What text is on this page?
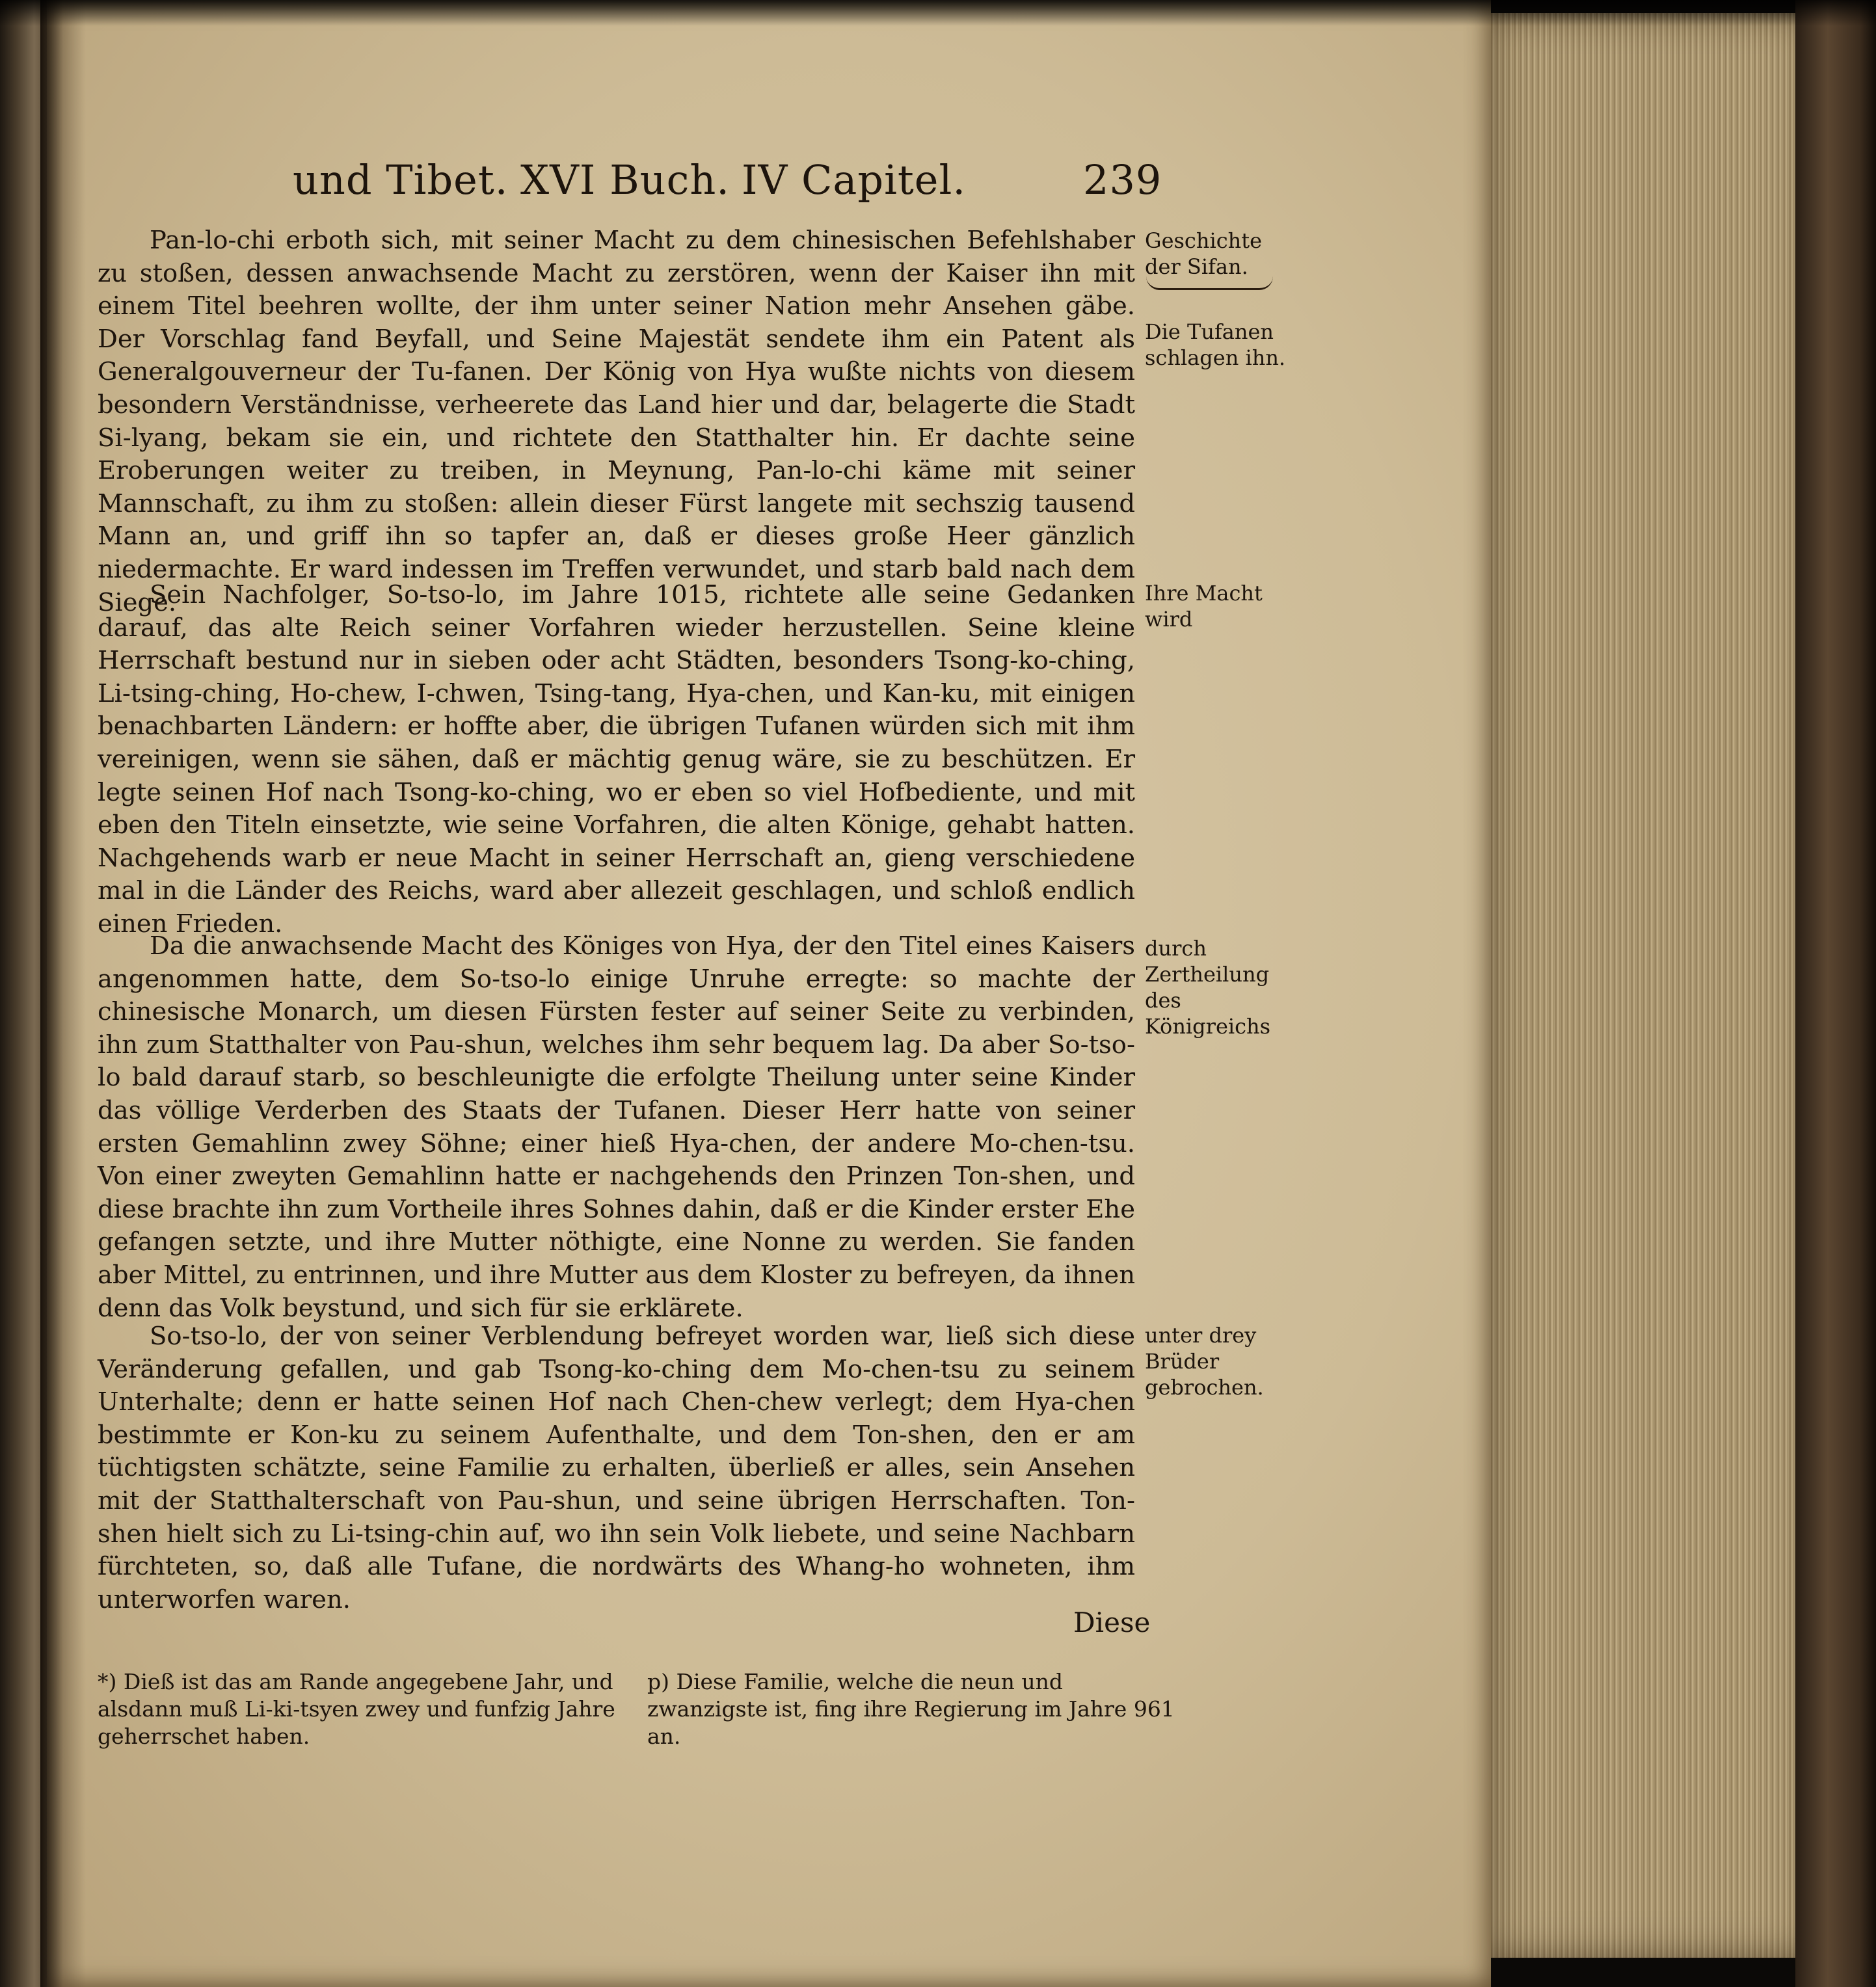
und Tibet. XVI Buch. IV Capitel.	239

Pan-lo-chi erboth sich, mit seiner Macht zu dem chinesischen Befehlshaber zu stoßen, dessen anwachsende Macht zu zerstören, wenn der Kaiser ihn mit einem Titel beehren wollte, der ihm unter seiner Nation mehr Ansehen gäbe. Der Vorschlag fand Beyfall, und Seine Majestät sendete ihm ein Patent als Generalgouverneur der Tu-fanen. Der König von Hya wußte nichts von diesem besondern Verständnisse, verheerete das Land hier und dar, belagerte die Stadt Si-lyang, bekam sie ein, und richtete den Statthalter hin. Er dachte seine Eroberungen weiter zu treiben, in Meynung, Pan-lo-chi käme mit seiner Mannschaft, zu ihm zu stoßen: allein dieser Fürst langete mit sechszig tausend Mann an, und griff ihn so tapfer an, daß er dieses große Heer gänzlich niedermachte. Er ward indessen im Treffen verwundet, und starb bald nach dem Siege.

Sein Nachfolger, So-tso-lo, im Jahre 1015, richtete alle seine Gedanken darauf, das alte Reich seiner Vorfahren wieder herzustellen. Seine kleine Herrschaft bestund nur in sieben oder acht Städten, besonders Tsong-ko-ching, Li-tsing-ching, Ho-chew, I-chwen, Tsing-tang, Hya-chen, und Kan-ku, mit einigen benachbarten Ländern: er hoffte aber, die übrigen Tufanen würden sich mit ihm vereinigen, wenn sie sähen, daß er mächtig genug wäre, sie zu beschützen. Er legte seinen Hof nach Tsong-ko-ching, wo er eben so viel Hofbediente, und mit eben den Titeln einsetzte, wie seine Vorfahren, die alten Könige, gehabt hatten. Nachgehends warb er neue Macht in seiner Herrschaft an, gieng verschiedene mal in die Länder des Reichs, ward aber allezeit geschlagen, und schloß endlich einen Frieden.

Da die anwachsende Macht des Königes von Hya, der den Titel eines Kaisers angenommen hatte, dem So-tso-lo einige Unruhe erregte: so machte der chinesische Monarch, um diesen Fürsten fester auf seiner Seite zu verbinden, ihn zum Statthalter von Pau-shun, welches ihm sehr bequem lag. Da aber So-tso-lo bald darauf starb, so beschleunigte die erfolgte Theilung unter seine Kinder das völlige Verderben des Staats der Tufanen. Dieser Herr hatte von seiner ersten Gemahlinn zwey Söhne; einer hieß Hya-chen, der andere Mo-chen-tsu. Von einer zweyten Gemahlinn hatte er nachgehends den Prinzen Ton-shen, und diese brachte ihn zum Vortheile ihres Sohnes dahin, daß er die Kinder erster Ehe gefangen setzte, und ihre Mutter nöthigte, eine Nonne zu werden. Sie fanden aber Mittel, zu entrinnen, und ihre Mutter aus dem Kloster zu befreyen, da ihnen denn das Volk beystund, und sich für sie erklärete.

So-tso-lo, der von seiner Verblendung befreyet worden war, ließ sich diese Veränderung gefallen, und gab Tsong-ko-ching dem Mo-chen-tsu zu seinem Unterhalte; denn er hatte seinen Hof nach Chen-chew verlegt; dem Hya-chen bestimmte er Kon-ku zu seinem Aufenthalte, und dem Ton-shen, den er am tüchtigsten schätzte, seine Familie zu erhalten, überließ er alles, sein Ansehen mit der Statthalterschaft von Pau-shun, und seine übrigen Herrschaften. Ton-shen hielt sich zu Li-tsing-chin auf, wo ihn sein Volk liebete, und seine Nachbarn fürchteten, so, daß alle Tufane, die nordwärts des Whang-ho wohneten, ihm unterworfen waren.

Geschichte der Sifan.
Die Tufanen schlagen ihn.
Ihre Macht wird
durch Zertheilung des Königreichs
unter drey Brüder gebrochen.
Diese
*) Dieß ist das am Rande angegebene Jahr, und alsdann muß Li-ki-tsyen zwey und funfzig Jahre geherrschet haben.
p) Diese Familie, welche die neun und zwanzigste ist, fing ihre Regierung im Jahre 961 an.
